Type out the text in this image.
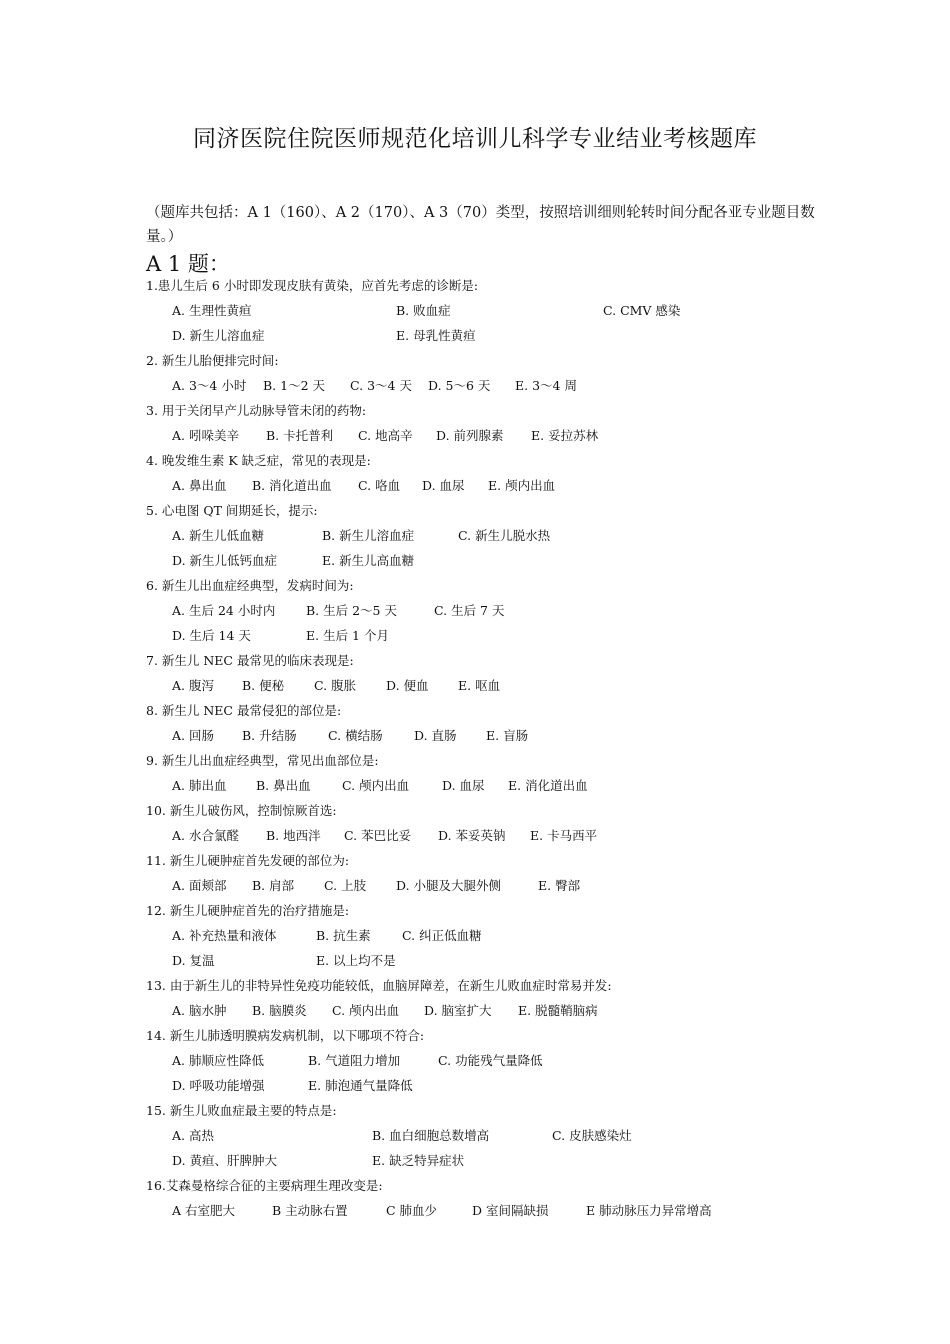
同济医院住院医师规范化培训儿科学专业结业考核题库
（题库共包括：A 1（160）、A 2（170）、A 3（70）类型，按照培训细则轮转时间分配各亚专业题目数量。）
A 1 题：
1.患儿生后 6 小时即发现皮肤有黄染，应首先考虑的诊断是:
A. 生理性黄疸	B. 败血症	C. CMV 感染
D. 新生儿溶血症	E. 母乳性黄疸
2. 新生儿胎便排完时间:
A. 3～4 小时 B. 1～2 天 C. 3～4 天 D. 5～6 天 E. 3～4 周
3. 用于关闭早产儿动脉导管未闭的药物:
A. 吲哚美辛 B. 卡托普利 C. 地高辛 D. 前列腺素 E. 妥拉苏林
4. 晚发维生素 K 缺乏症，常见的表现是:
A. 鼻出血 B. 消化道出血 C. 咯血 D. 血尿 E. 颅内出血
5. 心电图 QT 间期延长，提示:
A. 新生儿低血糖	B. 新生儿溶血症	C. 新生儿脱水热
D. 新生儿低钙血症	E. 新生儿高血糖
6. 新生儿出血症经典型，发病时间为:
A. 生后 24 小时内 B. 生后 2～5 天	C. 生后 7 天
D. 生后 14 天	E. 生后 1 个月
7. 新生儿 NEC 最常见的临床表现是:
A. 腹泻 B. 便秘 C. 腹胀 D. 便血 E. 呕血
8. 新生儿 NEC 最常侵犯的部位是:
A. 回肠 B. 升结肠	C. 横结肠	D. 直肠 E. 盲肠
9. 新生儿出血症经典型，常见出血部位是:
A. 肺出血 B. 鼻出血	C. 颅内出血	D. 血尿 E. 消化道出血
10. 新生儿破伤风，控制惊厥首选:
A. 水合氯醛 B. 地西泮 C. 苯巴比妥 D. 苯妥英钠 E. 卡马西平
11. 新生儿硬肿症首先发硬的部位为:
A. 面颊部 B. 肩部 C. 上肢 D. 小腿及大腿外侧	E. 臀部
12. 新生儿硬肿症首先的治疗措施是:
A. 补充热量和液体	B. 抗生素	C. 纠正低血糖
D. 复温	E. 以上均不是
13. 由于新生儿的非特异性免疫功能较低，血脑屏障差，在新生儿败血症时常易并发:
A. 脑水肿 B. 脑膜炎 C. 颅内出血 D. 脑室扩大 E. 脱髓鞘脑病
14. 新生儿肺透明膜病发病机制，以下哪项不符合:
A. 肺顺应性降低	B. 气道阻力增加	C. 功能残气量降低
D. 呼吸功能增强	E. 肺泡通气量降低
15. 新生儿败血症最主要的特点是:
A. 高热	B. 血白细胞总数增高	C. 皮肤感染灶
D. 黄疸、肝脾肿大	E. 缺乏特异症状
16.艾森曼格综合征的主要病理生理改变是:
A 右室肥大	B 主动脉右置	C 肺血少	D 室间隔缺损	E 肺动脉压力异常增高
